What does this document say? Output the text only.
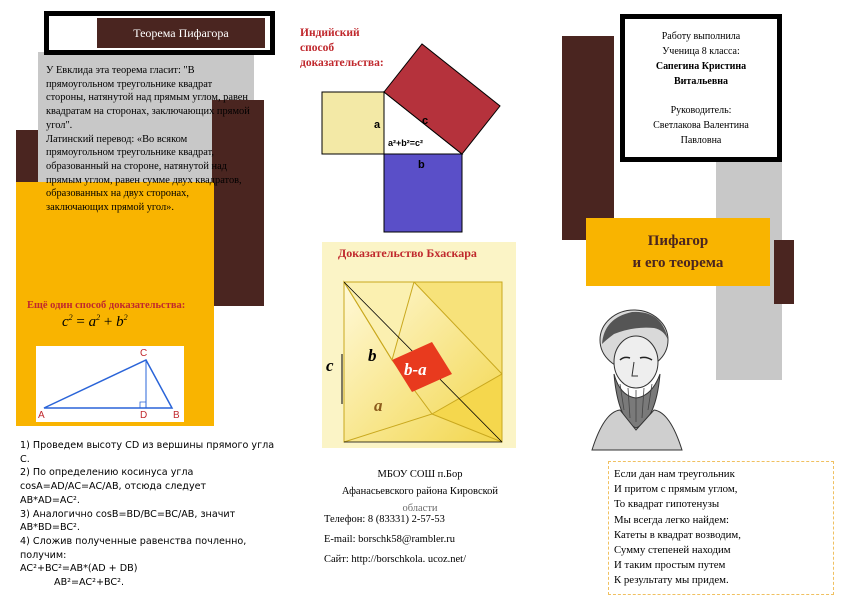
Теорема Пифагора
У Евклида эта теорема гласит: "В прямоугольном треугольнике квадрат стороны, натянутой над прямым углом, равен квадратам на сторонах, заключающих прямой угол".
Латинский перевод: «Во всяком прямоугольном треугольнике квадрат, образованный на стороне, натянутой над прямым углом, равен сумме двух квадратов, образованных на двух сторонах, заключающих прямой угол».
Ещё один способ доказательства:
$c^2 = a^2 + b^2$
A	D	B
C
1) Проведем высоту CD из вершины прямого угла C.
2) По определению косинуса угла
cosA=AD/AC=AC/AB, отсюда следует
AB*AD=AC².
3) Аналогично cosB=BD/BC=BC/AB, значит
AB*BD=BC².
4) Сложив полученные равенства почленно, получим:
AC²+BC²=AB*(AD + DB)
AB²=AC²+BC².
Индийский способ доказательства:
a	c
a²+b²=c²
b
Доказательство Бхаскара
c
b
b-a
a
МБОУ СОШ п.Бор
Афанасьевского района Кировской
области
Телефон: 8 (83331) 2-57-53
E-mail: borschk58@rambler.ru
Сайт: http://borschkola. ucoz.net/
Работу выполнила
Ученица 8 класса:
Сапегина Кристина
Витальевна
Руководитель:
Светлакова Валентина
Павловна
Пифагор
и его теорема
Если дан нам треугольник
И притом с прямым углом,
То квадрат гипотенузы
Мы всегда легко найдем:
Катеты в квадрат возводим,
Сумму степеней находим
И таким простым путем
К результату мы придем.
